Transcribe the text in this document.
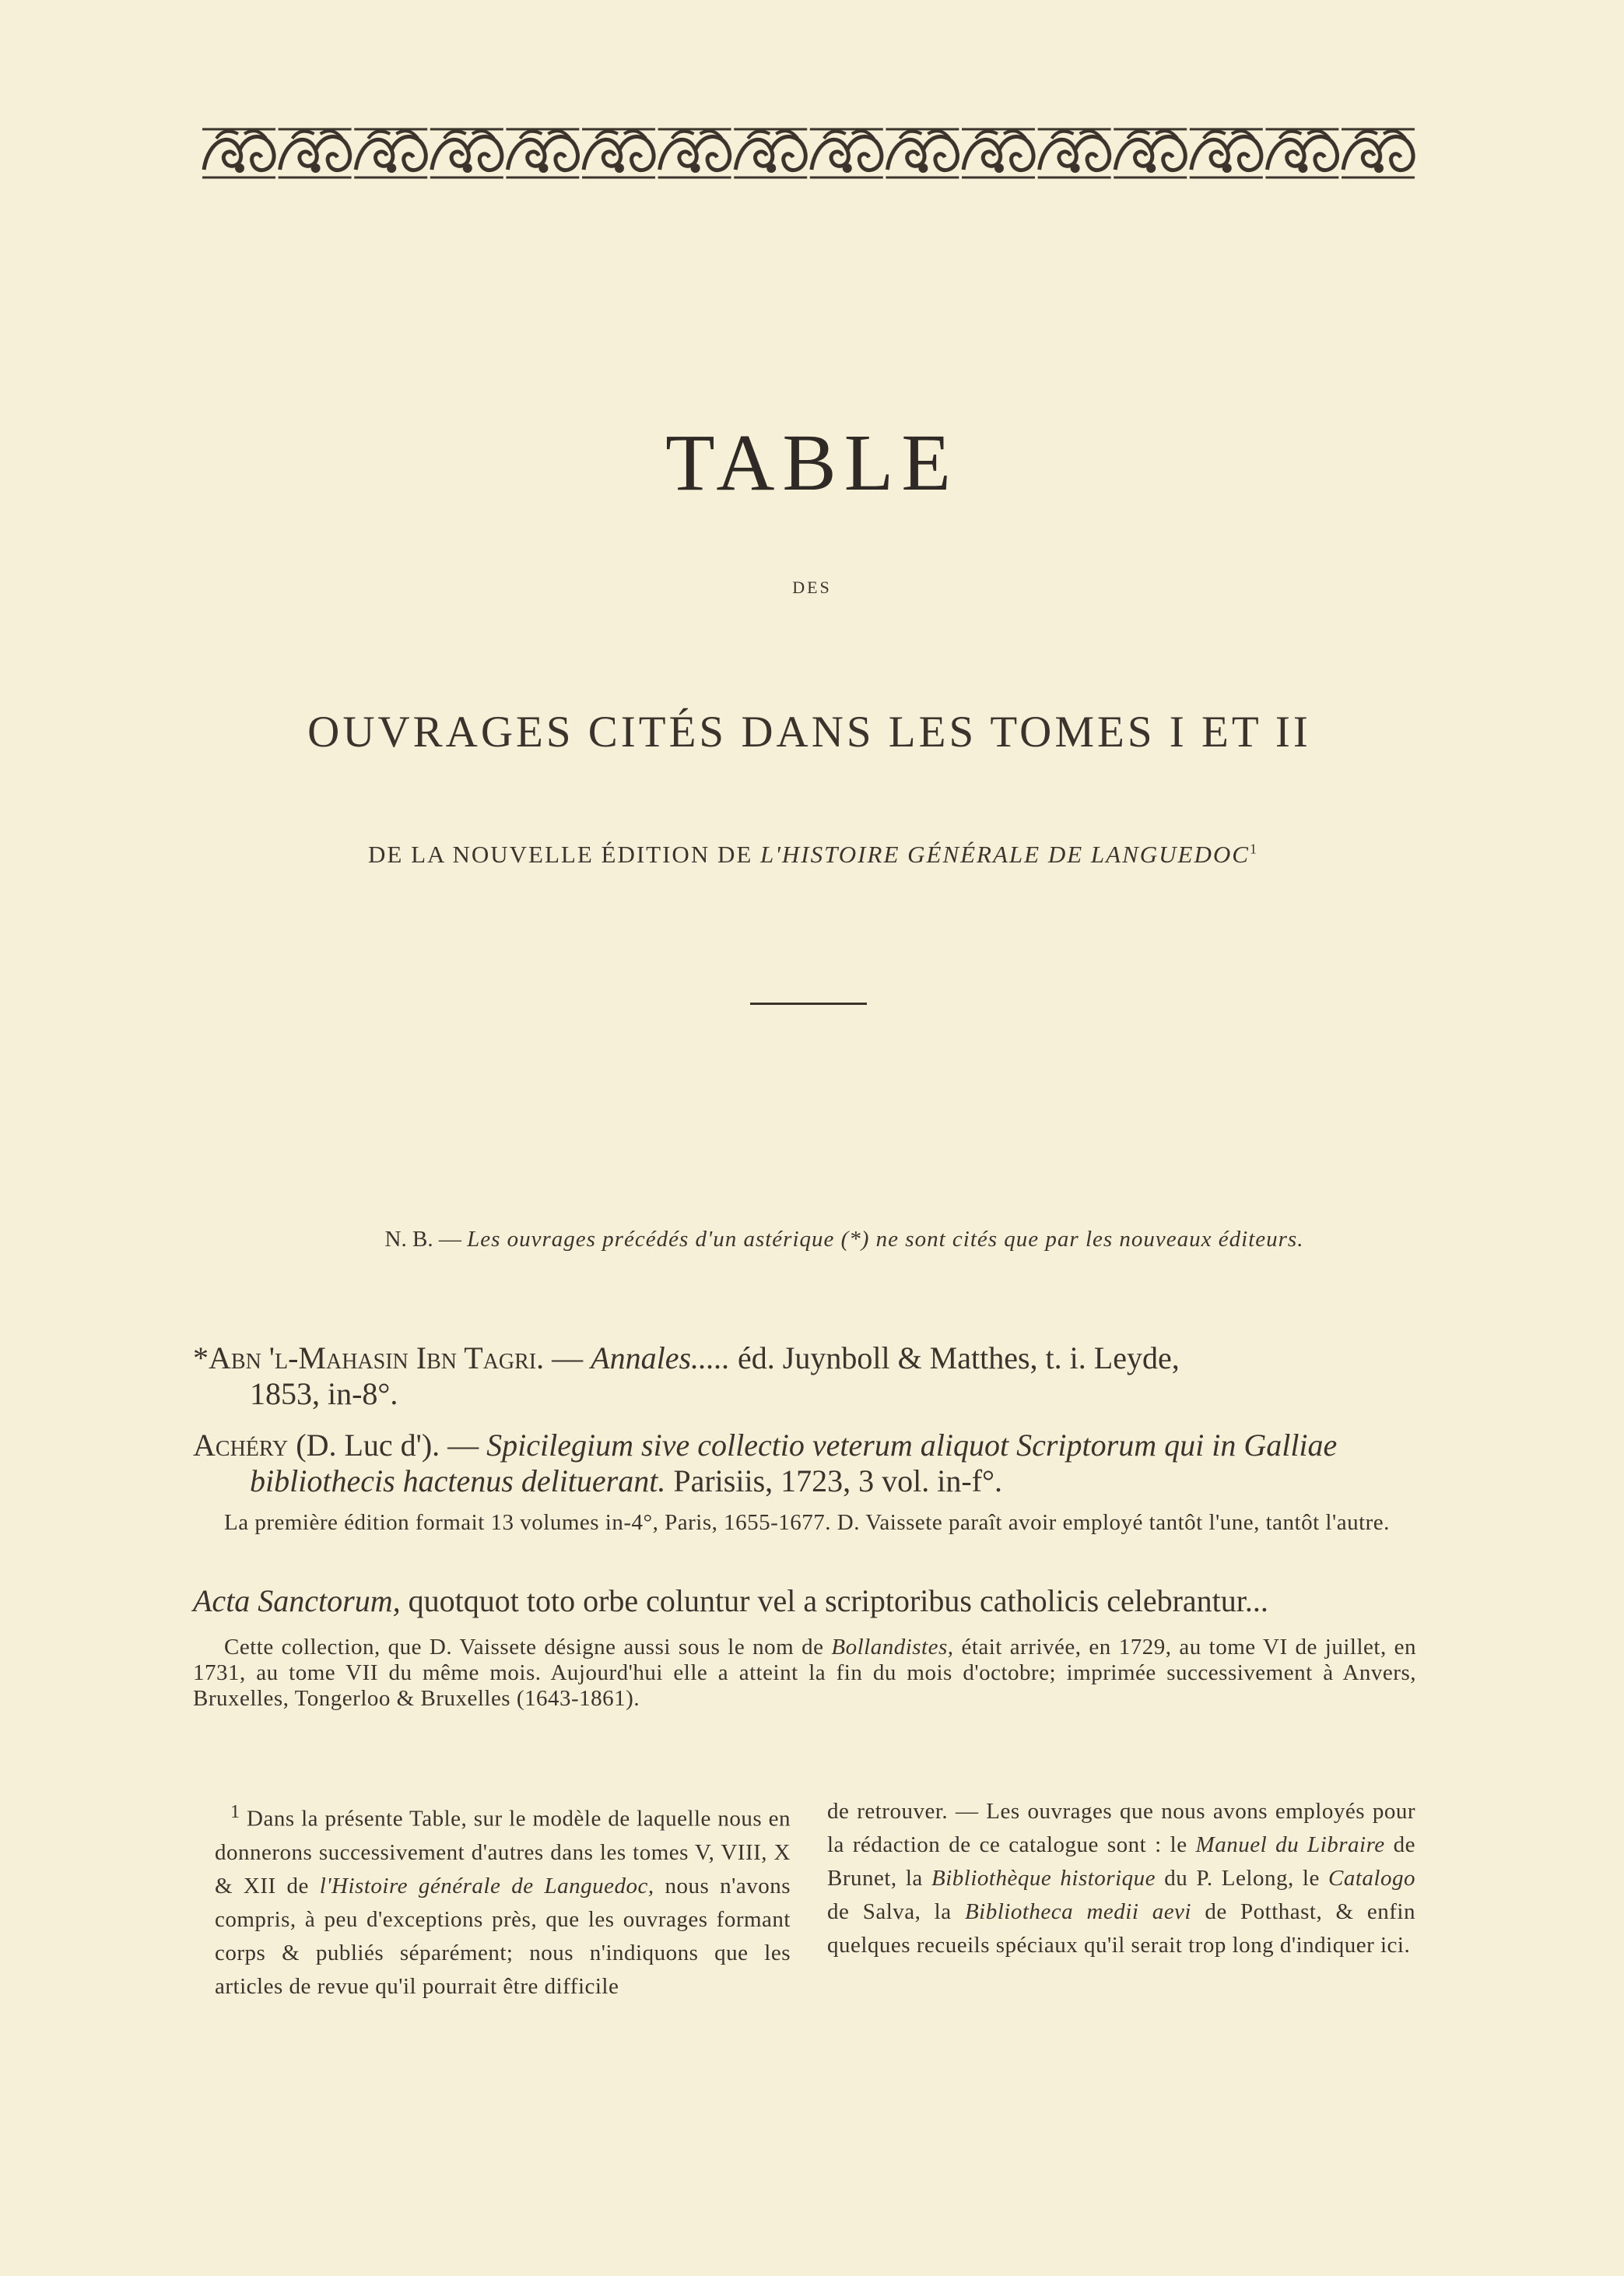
TABLE
DES
OUVRAGES CITÉS DANS LES TOMES I ET II
DE LA NOUVELLE ÉDITION DE L'HISTOIRE GÉNÉRALE DE LANGUEDOC$^1$
N. B. — Les ouvrages précédés d'un astérique (*) ne sont cités que par les nouveaux éditeurs.
*Abn 'l-Mahasin Ibn Tagri. — Annales..... éd. Juynboll & Matthes, t. i. Leyde,
1853, in-8°.
Achéry (D. Luc d'). — Spicilegium sive collectio veterum aliquot Scriptorum qui in Galliae
bibliothecis hactenus delituerant. Parisiis, 1723, 3 vol. in-f°.
La première édition formait 13 volumes in-4°, Paris, 1655-1677. D. Vaissete paraît avoir employé tantôt l'une, tantôt l'autre.
Acta Sanctorum, quotquot toto orbe coluntur vel a scriptoribus catholicis celebrantur...
Cette collection, que D. Vaissete désigne aussi sous le nom de Bollandistes, était arrivée, en 1729, au tome VI de juillet, en 1731, au tome VII du même mois. Aujourd'hui elle a atteint la fin du mois d'octobre; imprimée successivement à Anvers, Bruxelles, Tongerloo & Bruxelles (1643-1861).
$^1$ Dans la présente Table, sur le modèle de laquelle nous en donnerons successivement d'autres dans les tomes V, VIII, X & XII de l'Histoire générale de Languedoc, nous n'avons compris, à peu d'exceptions près, que les ouvrages formant corps & publiés séparément; nous n'indiquons que les articles de revue qu'il pourrait être difficile
de retrouver. — Les ouvrages que nous avons employés pour la rédaction de ce catalogue sont : le Manuel du Libraire de Brunet, la Bibliothèque historique du P. Lelong, le Catalogo de Salva, la Bibliotheca medii aevi de Potthast, & enfin quelques recueils spéciaux qu'il serait trop long d'indiquer ici.
